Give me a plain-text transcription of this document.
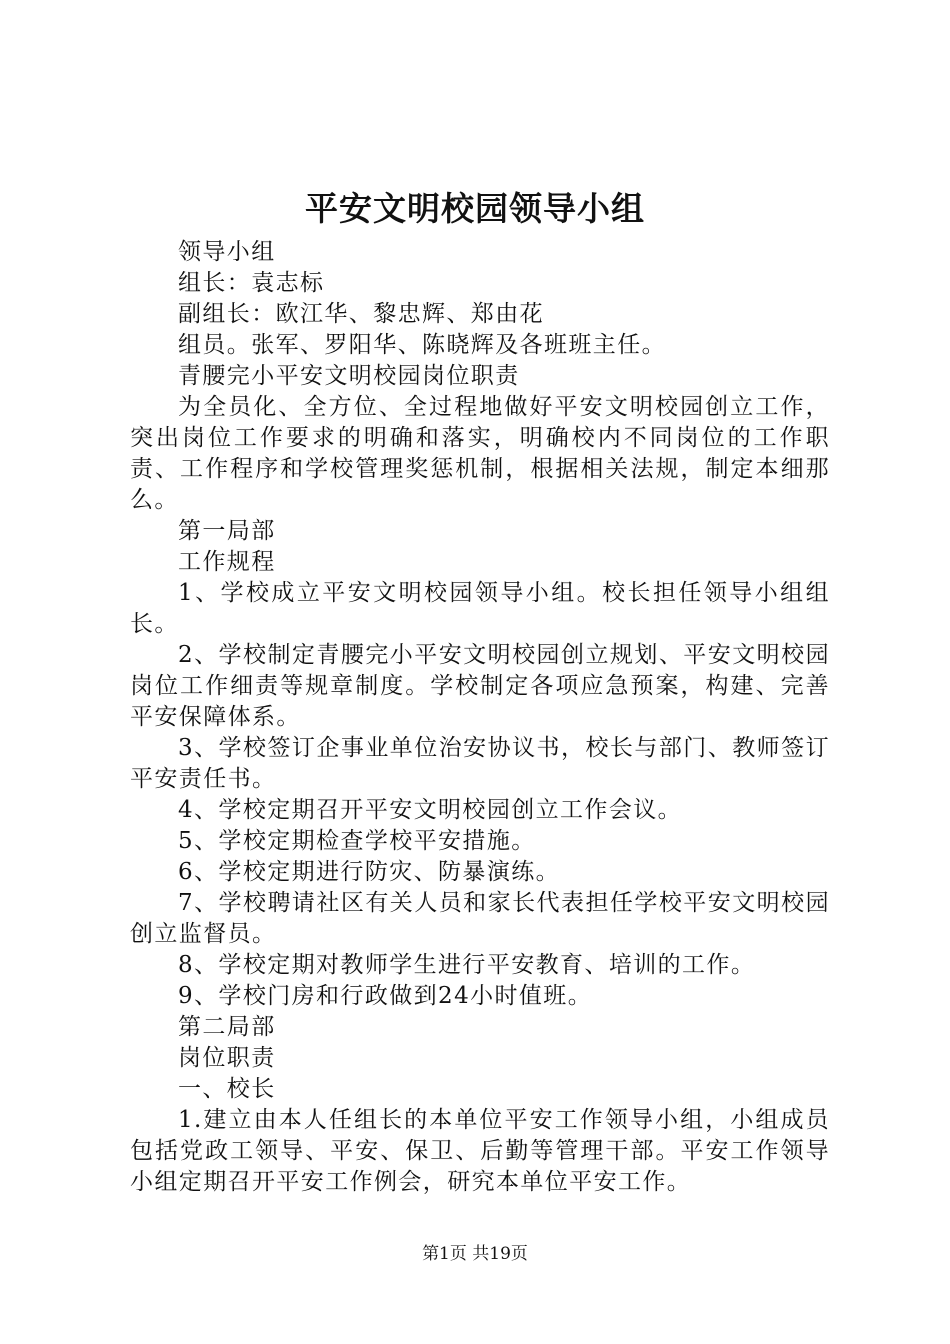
平安文明校园领导小组

领导小组

组长：袁志标

副组长：欧江华、黎忠辉、郑由花

组员。张军、罗阳华、陈晓辉及各班班主任。

青腰完小平安文明校园岗位职责

为全员化、全方位、全过程地做好平安文明校园创立工作，突出岗位工作要求的明确和落实，明确校内不同岗位的工作职责、工作程序和学校管理奖惩机制，根据相关法规，制定本细那么。

第一局部

工作规程

1、学校成立平安文明校园领导小组。校长担任领导小组组长。

2、学校制定青腰完小平安文明校园创立规划、平安文明校园岗位工作细责等规章制度。学校制定各项应急预案，构建、完善平安保障体系。

3、学校签订企事业单位治安协议书，校长与部门、教师签订平安责任书。

4、学校定期召开平安文明校园创立工作会议。

5、学校定期检查学校平安措施。

6、学校定期进行防灾、防暴演练。

7、学校聘请社区有关人员和家长代表担任学校平安文明校园创立监督员。

8、学校定期对教师学生进行平安教育、培训的工作。

9、学校门房和行政做到24小时值班。

第二局部

岗位职责

一、校长

1.建立由本人任组长的本单位平安工作领导小组，小组成员包括党政工领导、平安、保卫、后勤等管理干部。平安工作领导小组定期召开平安工作例会，研究本单位平安工作。

第1页 共19页
